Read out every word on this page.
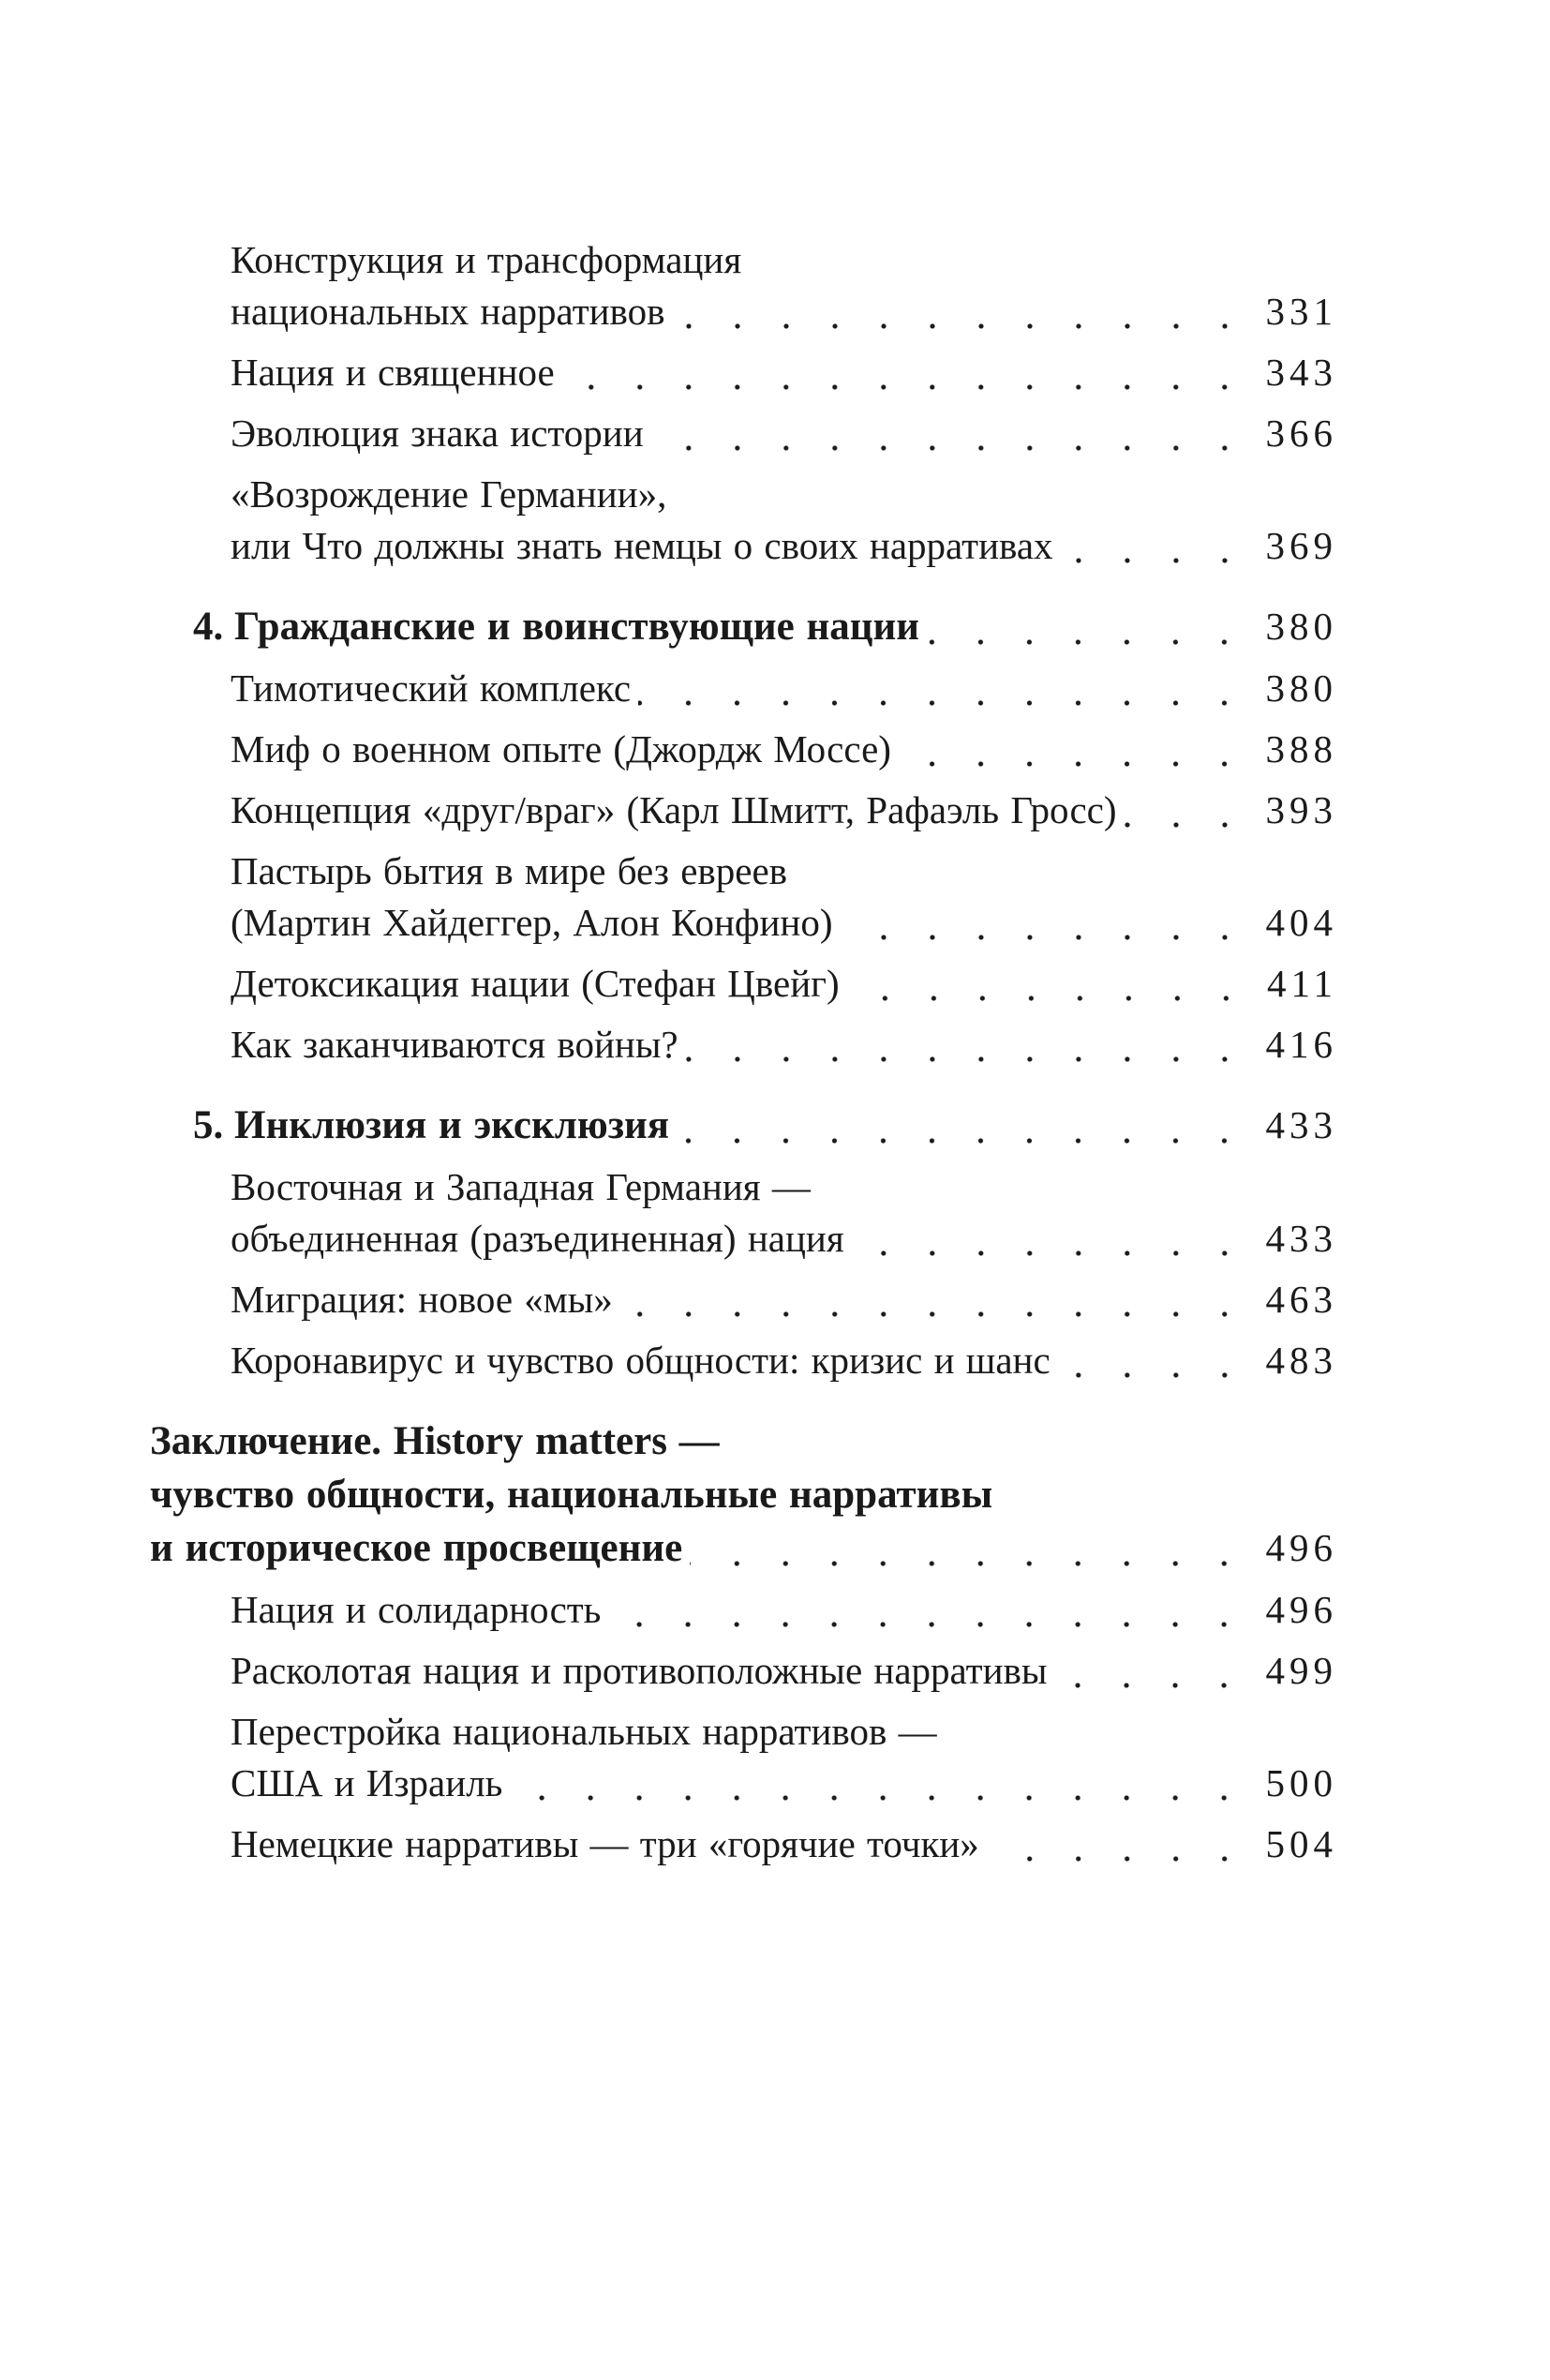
Конструкция и трансформация
национальных нарративов	331
Нация и священное	343
Эволюция знака истории	366
«Возрождение Германии»,
или Что должны знать немцы о своих нарративах	369
4. Гражданские и воинствующие нации	380
Тимотический комплекс	380
Миф о военном опыте (Джордж Моссе)	388
Концепция «друг/враг» (Карл Шмитт, Рафаэль Гросс)	393
Пастырь бытия в мире без евреев
(Мартин Хайдеггер, Алон Конфино)	404
Детоксикация нации (Стефан Цвейг)	411
Как заканчиваются войны?	416
5. Инклюзия и эксклюзия	433
Восточная и Западная Германия —
объединенная (разъединенная) нация	433
Миграция: новое «мы»	463
Коронавирус и чувство общности: кризис и шанс	483
Заключение. History matters —
чувство общности, национальные нарративы
и историческое просвещение	496
Нация и солидарность	496
Расколотая нация и противоположные нарративы	499
Перестройка национальных нарративов —
США и Израиль	500
Немецкие нарративы — три «горячие точки»	504
